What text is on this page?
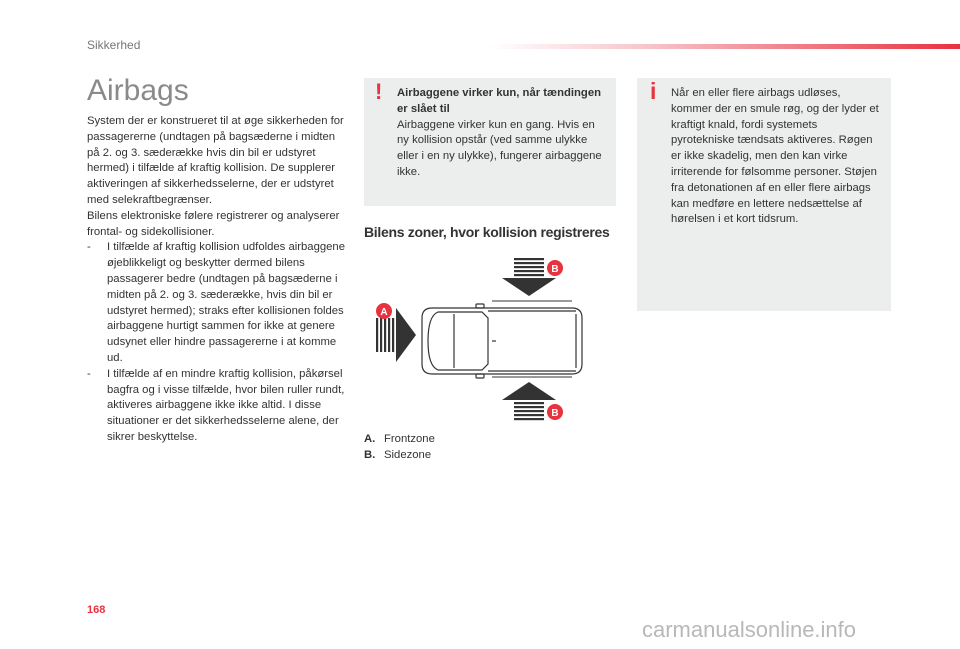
Sikkerhed
Airbags

System der er konstrueret til at øge sikkerheden for passagererne (undtagen på bagsæderne i midten på 2. og 3. sæderække hvis din bil er udstyret hermed) i tilfælde af kraftig kollision. De supplerer aktiveringen af sikkerhedsselerne, der er udstyret med selekraftbegrænser.

Bilens elektroniske følere registrerer og analyserer frontal- og sidekollisioner.

-	I tilfælde af kraftig kollision udfoldes airbaggene øjeblikkeligt og beskytter dermed bilens passagerer bedre (undtagen på bagsæderne i midten på 2. og 3. sæderække, hvis din bil er udstyret hermed); straks efter kollisionen foldes airbaggene hurtigt sammen for ikke at genere udsynet eller hindre passagererne i at komme ud.
-	I tilfælde af en mindre kraftig kollision, påkørsel bagfra og i visse tilfælde, hvor bilen ruller rundt, aktiveres airbaggene ikke ikke altid. I disse situationer er det sikkerhedsselerne alene, der sikrer beskyttelse.
! Airbaggene virker kun, når tændingen er slået til
Airbaggene virker kun en gang. Hvis en ny kollision opstår (ved samme ulykke eller i en ny ulykke), fungerer airbaggene ikke.
i Når en eller flere airbags udløses, kommer der en smule røg, og der lyder et kraftigt knald, fordi systemets pyrotekniske tændsats aktiveres. Røgen er ikke skadelig, men den kan virke irriterende for følsomme personer. Støjen fra detonationen af en eller flere airbags kan medføre en lettere nedsættelse af hørelsen i et kort tidsrum.
Bilens zoner, hvor kollision registreres
B
B
A
A. Frontzone
B. Sidezone
168
carmanualsonline.info
